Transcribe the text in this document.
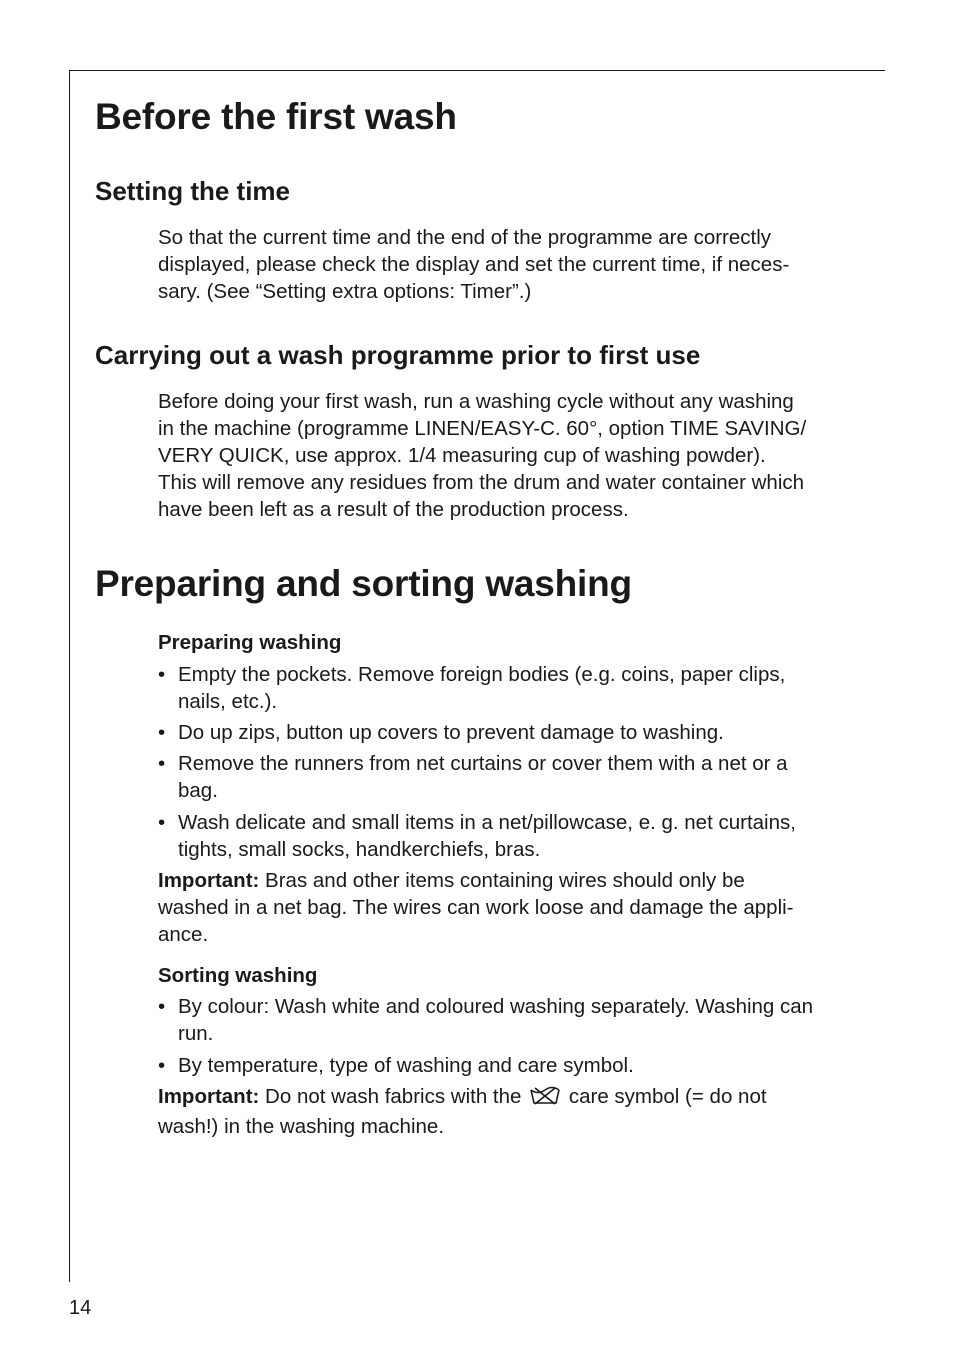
Before the first wash
Setting the time
So that the current time and the end of the programme are correctly
displayed, please check the display and set the current time, if neces-
sary. (See “Setting extra options: Timer”.)
Carrying out a wash programme prior to first use
Before doing your first wash, run a washing cycle without any washing
in the machine (programme LINEN/EASY-C. 60°, option TIME SAVING/
VERY QUICK, use approx. 1/4 measuring cup of washing powder).
This will remove any residues from the drum and water container which
have been left as a result of the production process.
Preparing and sorting washing
Preparing washing
• Empty the pockets. Remove foreign bodies (e.g. coins, paper clips,
nails, etc.).
• Do up zips, button up covers to prevent damage to washing.
• Remove the runners from net curtains or cover them with a net or a
bag.
• Wash delicate and small items in a net/pillowcase, e. g. net curtains,
tights, small socks, handkerchiefs, bras.
Important: Bras and other items containing wires should only be
washed in a net bag. The wires can work loose and damage the appli-
ance.
Sorting washing
• By colour: Wash white and coloured washing separately. Washing can
run.
• By temperature, type of washing and care symbol.
Important: Do not wash fabrics with the care symbol (= do not
wash!) in the washing machine.
14
